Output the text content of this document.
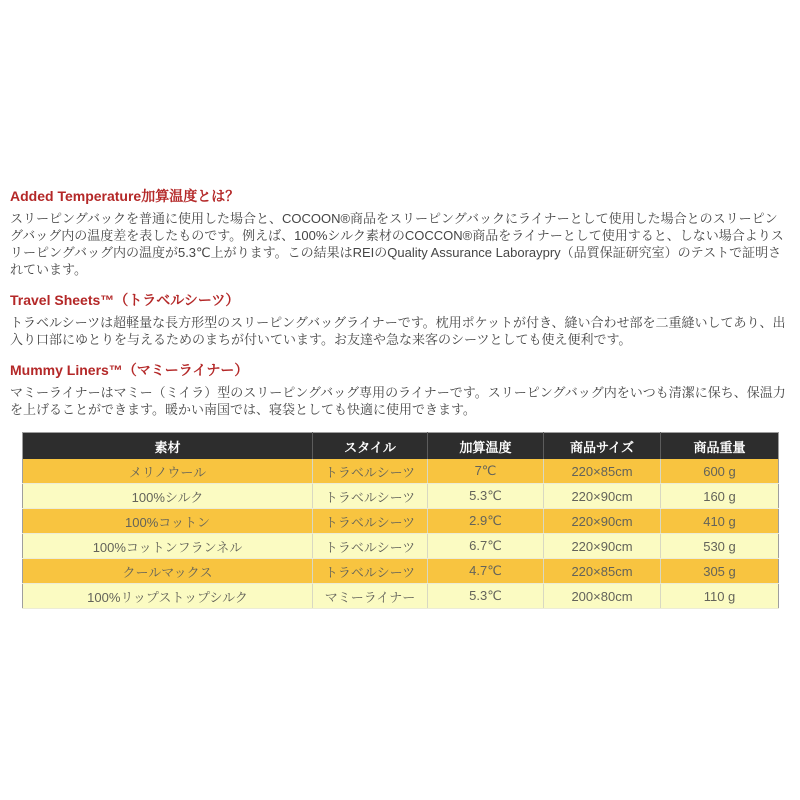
Added Temperature加算温度とは？

スリーピングバックを普通に使用した場合と、COCOON®商品をスリーピングバックにライナーとして使用した場合とのスリーピングバッグ内の温度差を表したものです。例えば、100%シルク素材のCOCCON®商品をライナーとして使用すると、しない場合よりスリーピングバッグ内の温度が5.3℃上がります。この結果はREIのQuality Assurance Laboraypry（品質保証研究室）のテストで証明されています。

Travel Sheets™（トラベルシーツ）

トラベルシーツは超軽量な長方形型のスリーピングバッグライナーです。枕用ポケットが付き、縫い合わせ部を二重縫いしてあり、出入り口部にゆとりを与えるためのまちが付いています。お友達や急な来客のシーツとしても使え便利です。

Mummy Liners™（マミーライナー）

マミーライナーはマミー（ミイラ）型のスリーピングバッグ専用のライナーです。スリーピングバッグ内をいつも清潔に保ち、保温力を上げることができます。暖かい南国では、寝袋としても快適に使用できます。

素材	スタイル	加算温度	商品サイズ	商品重量
メリノウール	トラベルシーツ	7℃	220×85cm	600 g
100%シルク	トラベルシーツ	5.3℃	220×90cm	160 g
100%コットン	トラベルシーツ	2.9℃	220×90cm	410 g
100%コットンフランネル	トラベルシーツ	6.7℃	220×90cm	530 g
クールマックス	トラベルシーツ	4.7℃	220×85cm	305 g
100%リップストップシルク	マミーライナー	5.3℃	200×80cm	110 g
